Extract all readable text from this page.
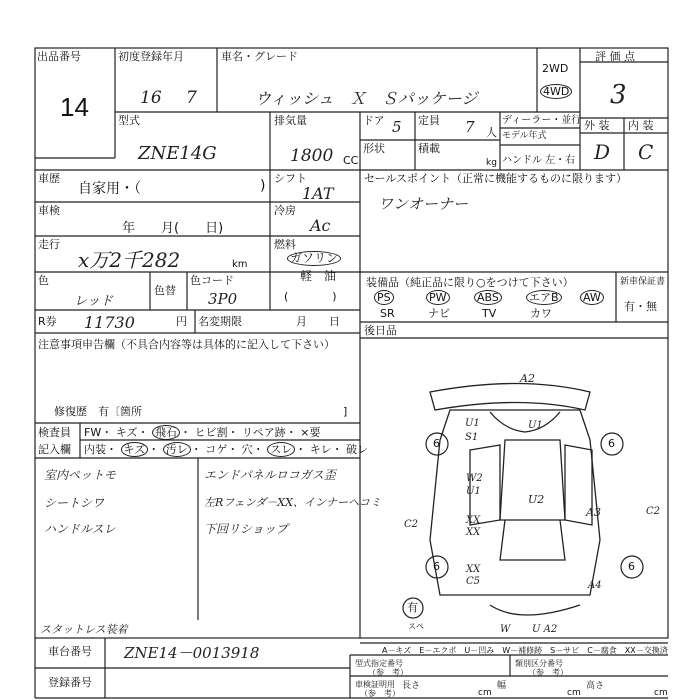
出品番号
14
初度登録年月
16 7
車名・グレード
ウィッシュ　Ｘ　Ｓパッケージ
2WD
4WD
評 価 点
3
型式
ZNE14G
排気量
1800 CC
ドア 5 定員 7 人
形状	積載
kg
ディーラー・並行
モデル年式
ハンドル 左・右
外 装 内 装
D C
車歴
自家用・（	) シフト
1AT
車検
年　　月(　　日)
冷房
Ac
走行
x万2千282	km
燃料
ガソリン
軽　油
(　　　　)
色
レッド
色替
色コード
3P0
R券 11730	円 名変期限	月　　日
注意事項申告欄（不具合内容等は具体的に記入して下さい）
修復歴　有〔箇所	]
検査員
記入欄
FW・ キズ・ 飛石 ・ ヒビ割・ リペア跡・ ×要
内装・ キズ ・ 汚レ ・ コゲ・ 穴・ スレ ・ キレ・ 破レ
室内ペットモ
シートシワ
ハンドルスレ
エンドパネルロコガス歪
左Rフェンダ－XX、インナーヘコミ
下回リショップ
スタットレス装着
セールスポイント（正常に機能するものに限ります）
ワンオーナー
装備品（純正品に限り○をつけて下さい）	新車保証書
有・無
PS	PW	ABS	エアB AW
SR	ナビ	TV	カワ
後日品
A2
U1
S1
U1
W2
U1
U2
XX
XX
A3
C2
C2
XX
C5	A4
6	6
6	6
有
スペ	W U A2
A－キズ　E－エクボ　U－凹み　W－補修跡　S－サビ　C－腐食　XX－交換済
車台番号 ZNE14－0013918
登録番号
型式指定番号
（参　考）
類別区分番号
（参　考）
車検証明用
（参　考）
長さ
cm
幅
cm
高さ
cm
